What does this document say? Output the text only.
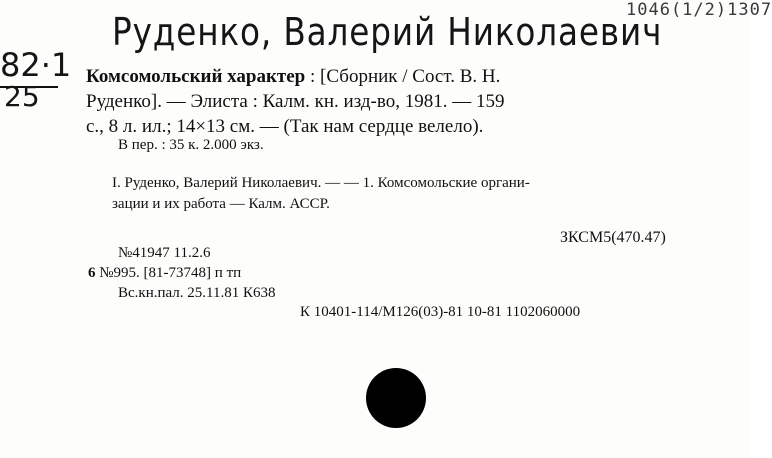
1046(1/2)1307
Руденко, Валерий Николаевич
82·1
25
Комсомольский характер : [Сборник / Сост. В. Н.
Руденко]. — Элиста : Калм. кн. изд-во, 1981. — 159
с., 8 л. ил.; 14×13 см. — (Так нам сердце велело).
В пер. : 35 к. 2.000 экз.
I. Руденко, Валерий Николаевич. — — 1. Комсомольские органи-
зации и их работа — Калм. АССР.
ЗКСМ5(470.47)
№41947 11.2.6
6 №995. [81-73748] п тп
Вс.кн.пал. 25.11.81 К638
К 10401-114/М126(03)-81 10-81 1102060000
